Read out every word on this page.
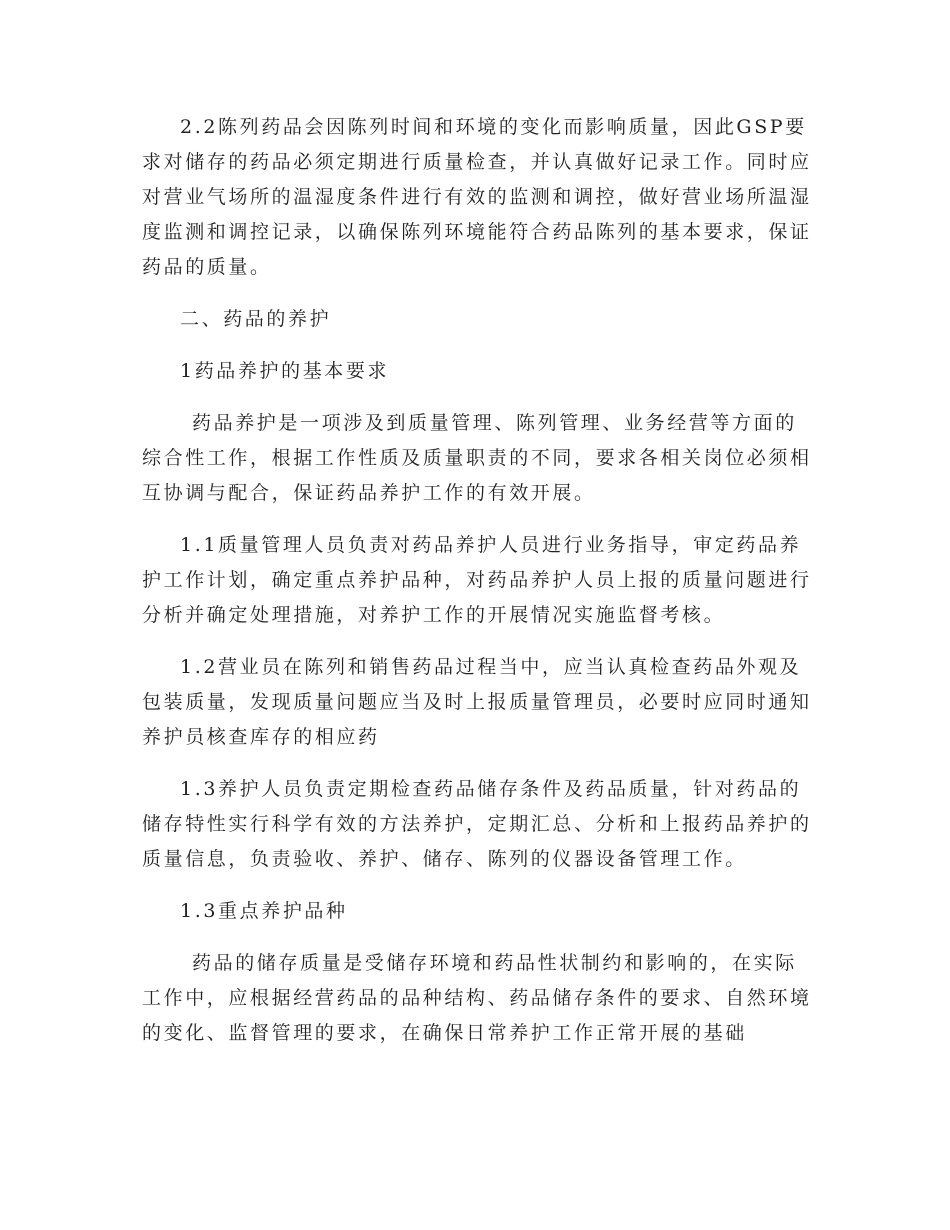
2.2陈列药品会因陈列时间和环境的变化而影响质量，因此GSP要求对储存的药品必须定期进行质量检查，并认真做好记录工作。同时应对营业气场所的温湿度条件进行有效的监测和调控，做好营业场所温湿度监测和调控记录，以确保陈列环境能符合药品陈列的基本要求，保证药品的质量。

二、药品的养护

1药品养护的基本要求

药品养护是一项涉及到质量管理、陈列管理、业务经营等方面的综合性工作，根据工作性质及质量职责的不同，要求各相关岗位必须相互协调与配合，保证药品养护工作的有效开展。

1.1质量管理人员负责对药品养护人员进行业务指导，审定药品养护工作计划，确定重点养护品种，对药品养护人员上报的质量问题进行分析并确定处理措施，对养护工作的开展情况实施监督考核。

1.2营业员在陈列和销售药品过程当中，应当认真检查药品外观及包装质量，发现质量问题应当及时上报质量管理员，必要时应同时通知养护员核查库存的相应药

1.3养护人员负责定期检查药品储存条件及药品质量，针对药品的储存特性实行科学有效的方法养护，定期汇总、分析和上报药品养护的质量信息，负责验收、养护、储存、陈列的仪器设备管理工作。

1.3重点养护品种

药品的储存质量是受储存环境和药品性状制约和影响的，在实际工作中，应根据经营药品的品种结构、药品储存条件的要求、自然环境的变化、监督管理的要求，在确保日常养护工作正常开展的基础
